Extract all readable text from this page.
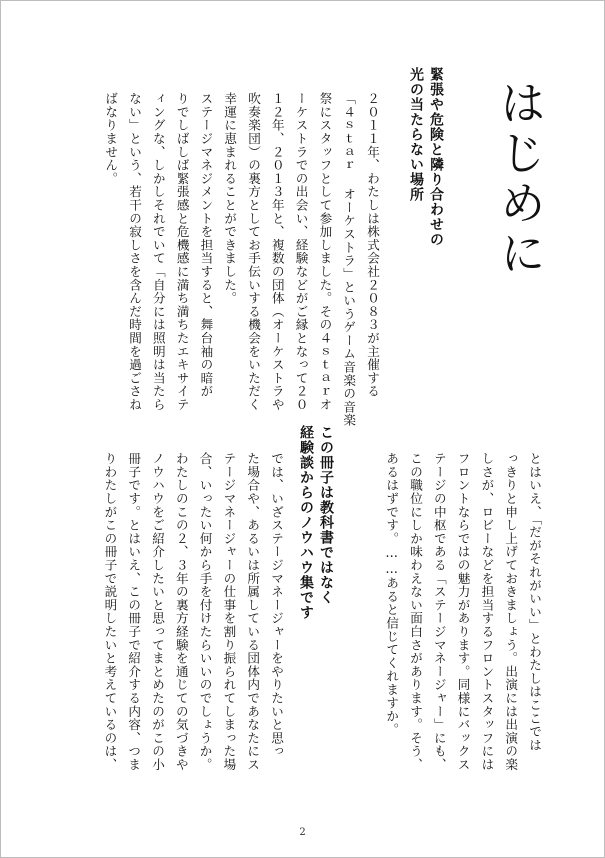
はじめに
緊張や危険と隣り合わせの
光の当たらない場所

２０１１年、わたしは株式会社２０８３が主催する
「４ｓｔａｒ オーケストラ」というゲーム音楽の音楽
祭にスタッフとして参加しました。その４ｓｔａｒオ
ーケストラでの出会い、経験などがご縁となって２０
１２年、２０１３年と、複数の団体（オーケストラや
吹奏楽団）の裏方としてお手伝いする機会をいただく
幸運に恵まれることができました。

ステージマネジメントを担当すると、舞台袖の暗が
りでしばしば緊張感と危機感に満ち満ちたエキサイテ
ィングな、しかしそれでいて「自分には照明は当たら
ない」という、若干の寂しさを含んだ時間を過ごさね
ばなりません。

とはいえ、「だがそれがいい」とわたしはここでは
っきりと申し上げておきましょう。出演には出演の楽
しさが、ロビーなどを担当するフロントスタッフには
フロントならではの魅力があります。同様にバックス
テージの中枢である「ステージマネージャー」にも、
この職位にしか味わえない面白さがあります。そう、
あるはずです。……あると信じてくれますか。

この冊子は教科書ではなく
経験談からのノウハウ集です

では、いざステージマネージャーをやりたいと思っ
た場合や、あるいは所属している団体内であなたにス
テージマネージャーの仕事を割り振られてしまった場
合、いったい何から手を付けたらいいのでしょうか。
わたしのこの２、３年の裏方経験を通じての気づきや
ノウハウをご紹介したいと思ってまとめたのがこの小
冊子です。とはいえ、この冊子で紹介する内容、つま
りわたしがこの冊子で説明したいと考えているのは、

2
